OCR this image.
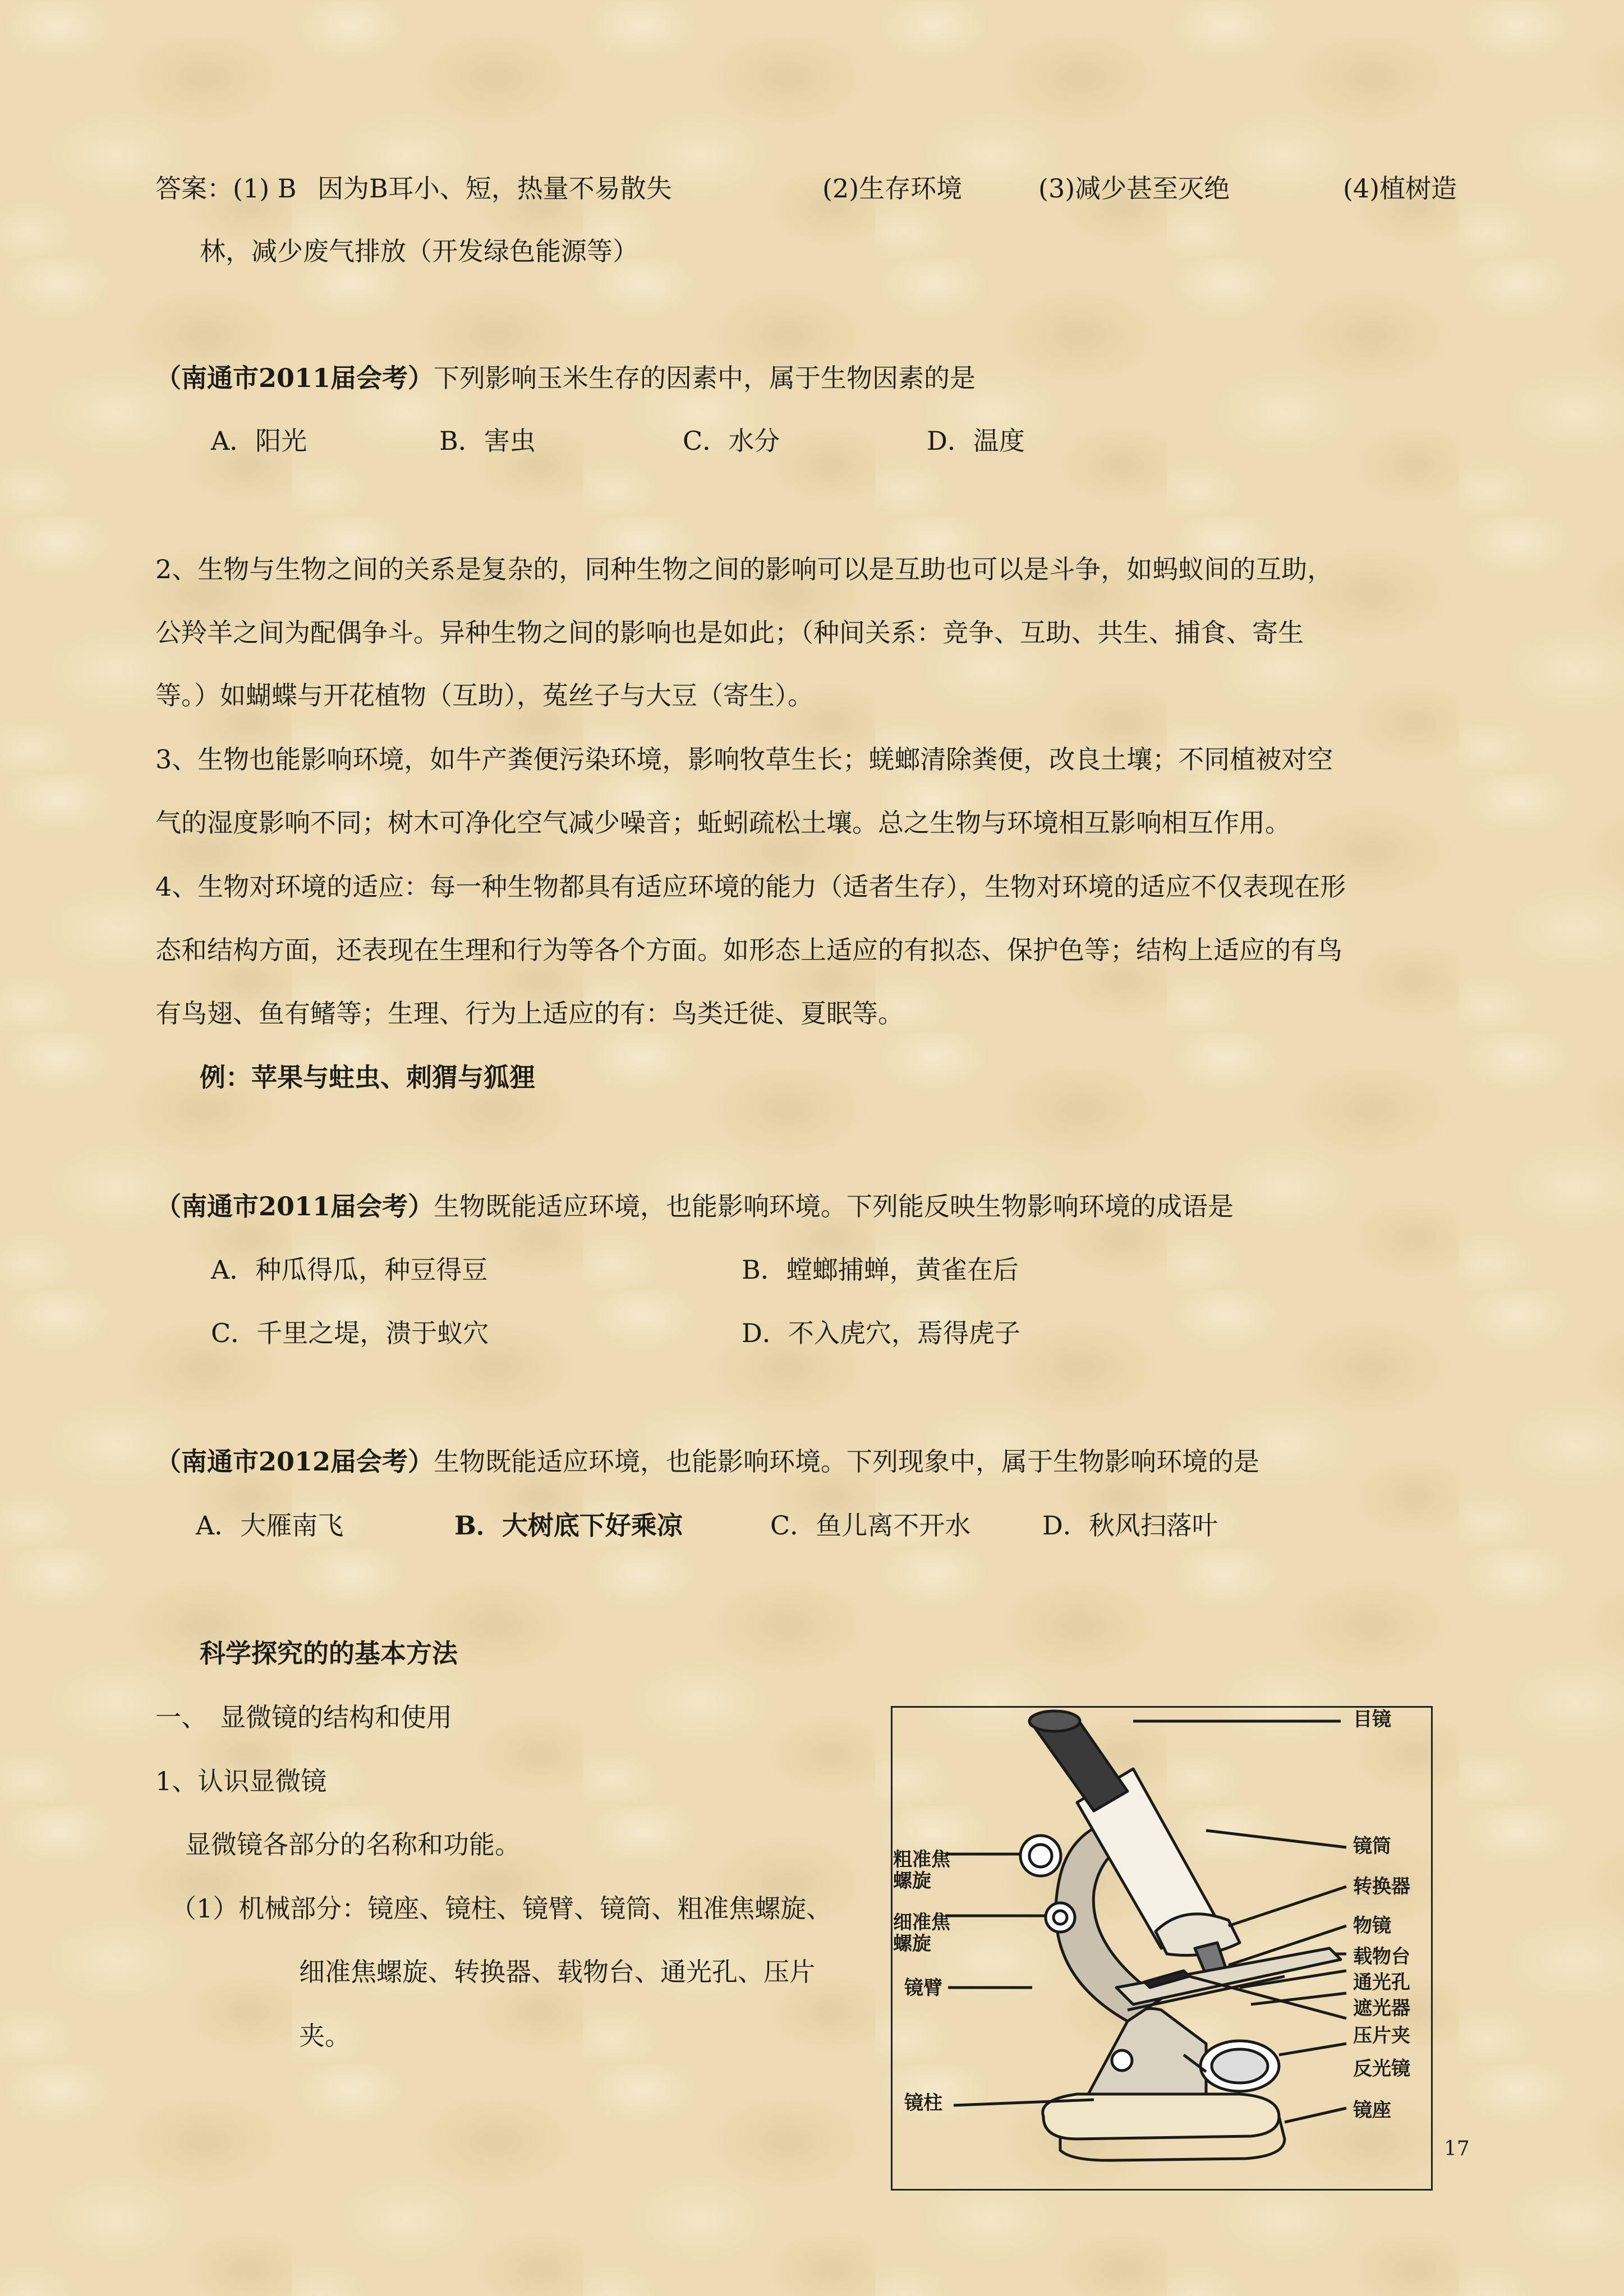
答案：(1) B 因为B耳小、短，热量不易散失	(2)生存环境	(3)减少甚至灭绝	(4)植树造
林，减少废气排放（开发绿色能源等）
（南通市2011届会考）下列影响玉米生存的因素中，属于生物因素的是
A．阳光	B．害虫	C．水分	D．温度
2、生物与生物之间的关系是复杂的，同种生物之间的影响可以是互助也可以是斗争，如蚂蚁间的互助，
公羚羊之间为配偶争斗。异种生物之间的影响也是如此；（种间关系：竞争、互助、共生、捕食、寄生
等。）如蝴蝶与开花植物（互助），菟丝子与大豆（寄生）。
3、生物也能影响环境，如牛产粪便污染环境，影响牧草生长；蜣螂清除粪便，改良土壤；不同植被对空
气的湿度影响不同；树木可净化空气减少噪音；蚯蚓疏松土壤。总之生物与环境相互影响相互作用。
4、生物对环境的适应：每一种生物都具有适应环境的能力（适者生存），生物对环境的适应不仅表现在形
态和结构方面，还表现在生理和行为等各个方面。如形态上适应的有拟态、保护色等；结构上适应的有鸟
有鸟翅、鱼有鳍等；生理、行为上适应的有：鸟类迁徙、夏眠等。
例：苹果与蛀虫、刺猬与狐狸
（南通市2011届会考）生物既能适应环境，也能影响环境。下列能反映生物影响环境的成语是
A．种瓜得瓜，种豆得豆	B．螳螂捕蝉，黄雀在后
C．千里之堤，溃于蚁穴	D．不入虎穴，焉得虎子
（南通市2012届会考）生物既能适应环境，也能影响环境。下列现象中，属于生物影响环境的是
A．大雁南飞	B．大树底下好乘凉	C．鱼儿离不开水	D．秋风扫落叶
科学探究的的基本方法
一、　显微镜的结构和使用
1、认识显微镜
显微镜各部分的名称和功能。
（1）机械部分：镜座、镜柱、镜臂、镜筒、粗准焦螺旋、
细准焦螺旋、转换器、载物台、通光孔、压片
夹。
目镜
镜筒
转换器
物镜
载物台
通光孔
遮光器
压片夹
反光镜
镜座
粗准焦
螺旋
细准焦
螺旋
镜臂
镜柱
17
